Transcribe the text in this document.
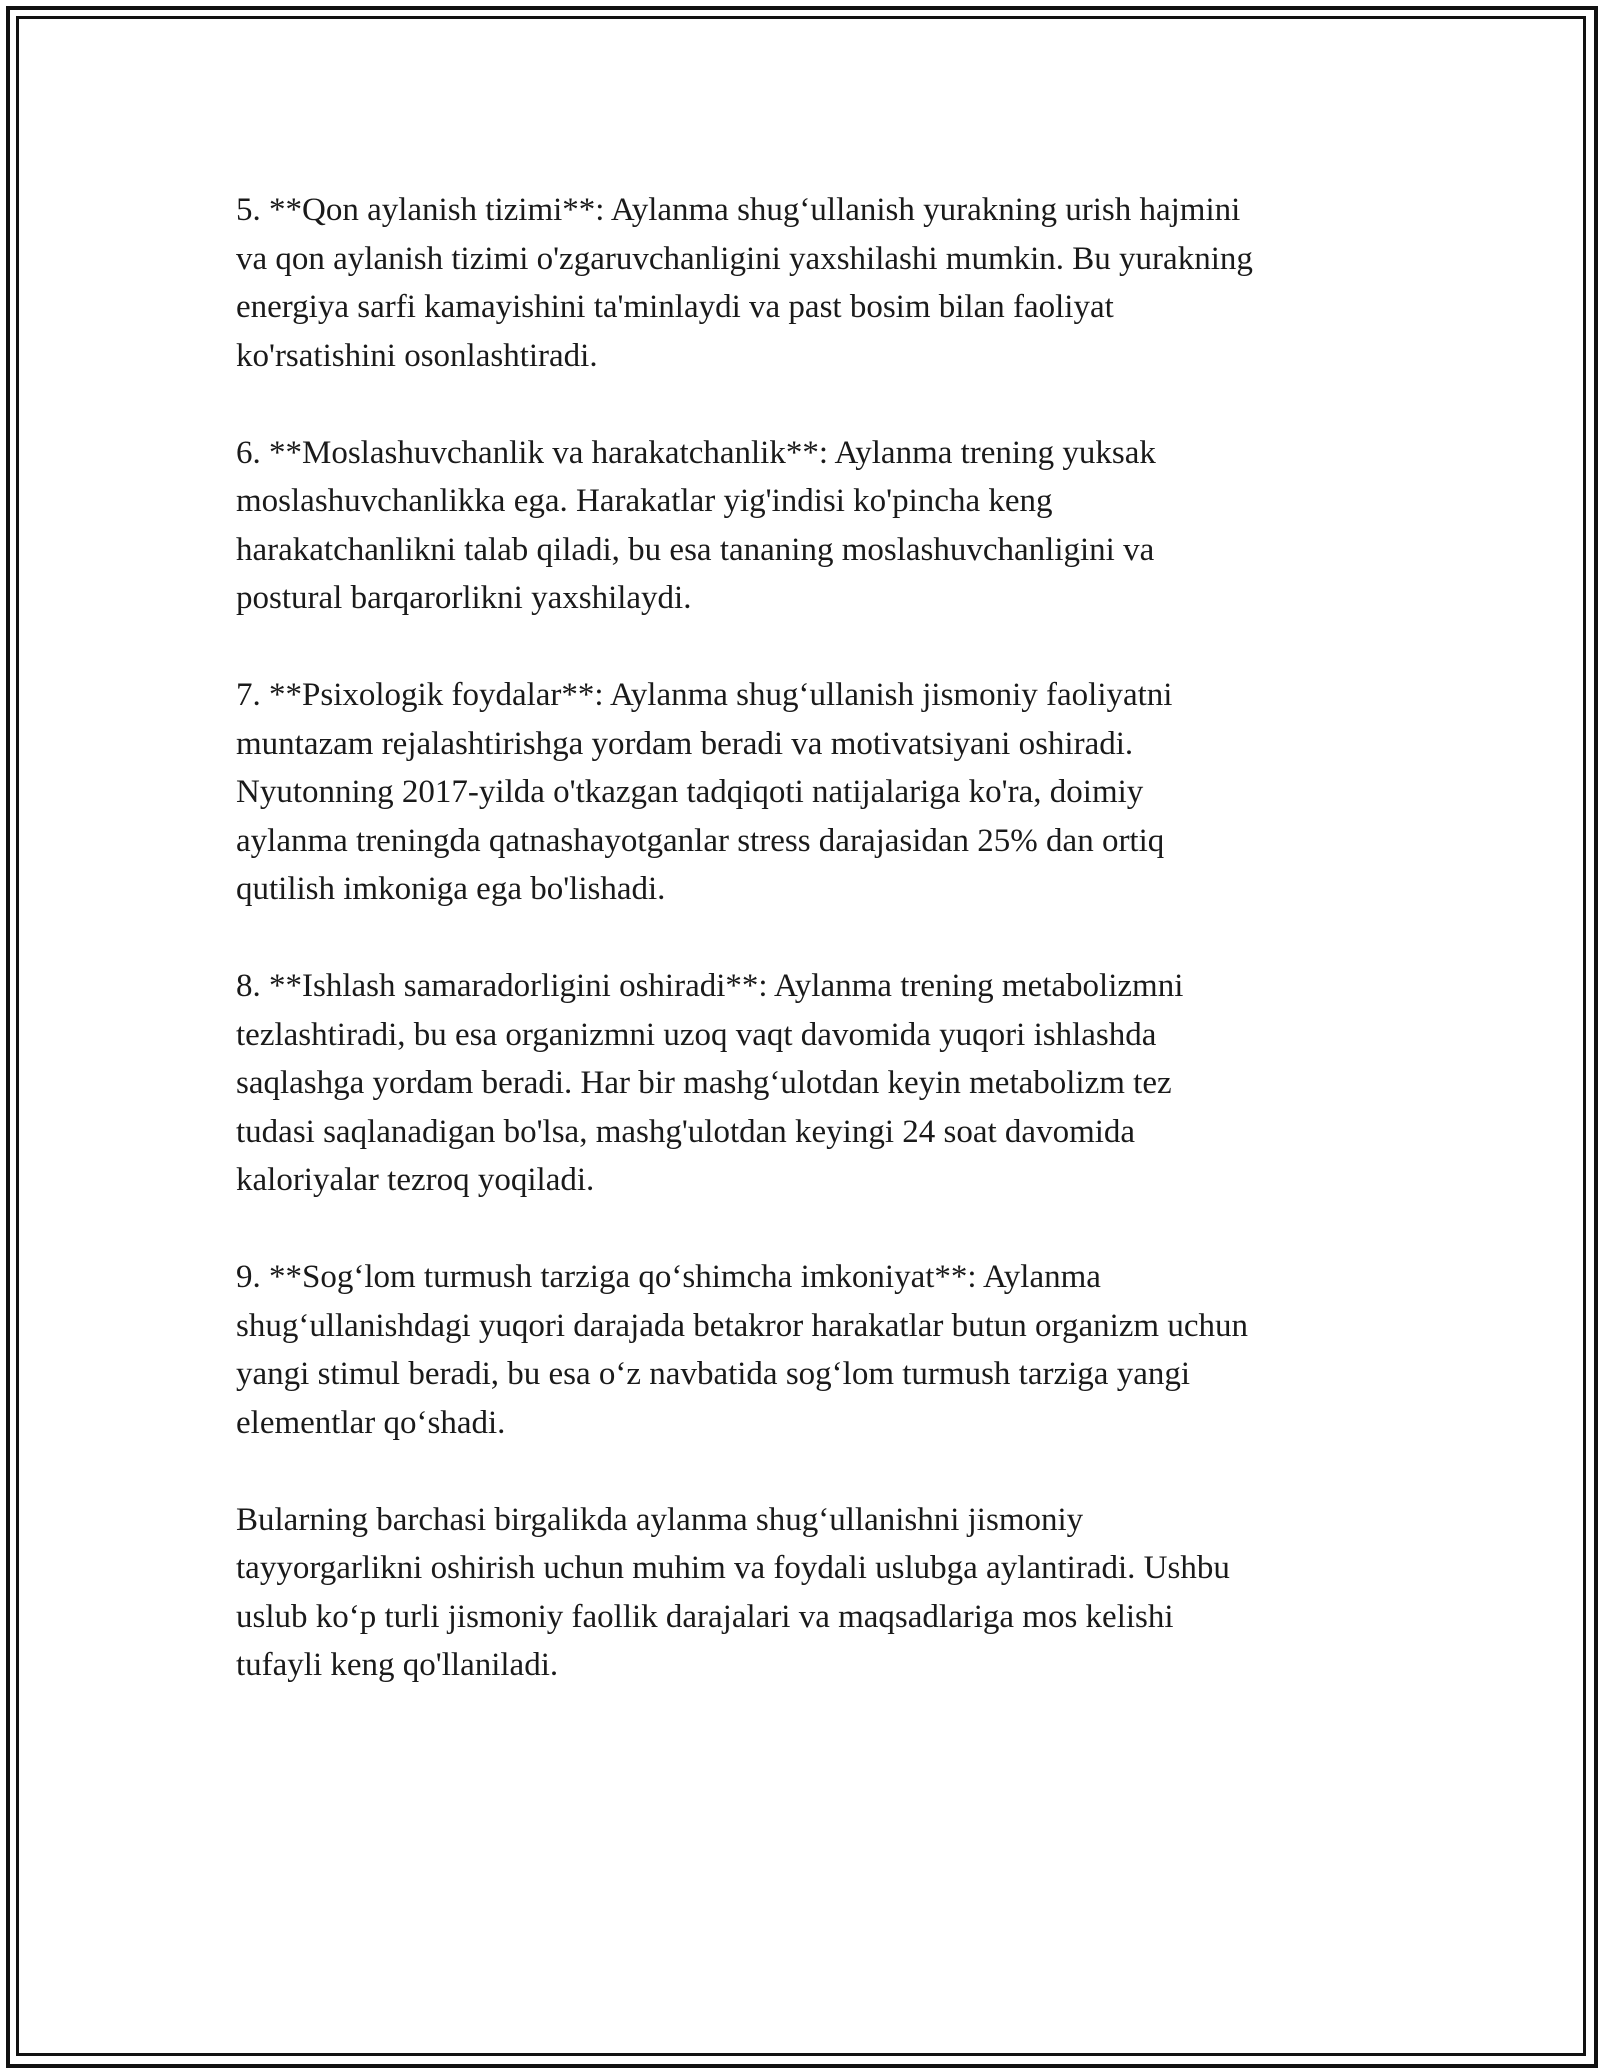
5. **Qon aylanish tizimi**: Aylanma shug‘ullanish yurakning urish hajmini
va qon aylanish tizimi o'zgaruvchanligini yaxshilashi mumkin. Bu yurakning
energiya sarfi kamayishini ta'minlaydi va past bosim bilan faoliyat
ko'rsatishini osonlashtiradi.

6. **Moslashuvchanlik va harakatchanlik**: Aylanma trening yuksak
moslashuvchanlikka ega. Harakatlar yig'indisi ko'pincha keng
harakatchanlikni talab qiladi, bu esa tananing moslashuvchanligini va
postural barqarorlikni yaxshilaydi.

7. **Psixologik foydalar**: Aylanma shug‘ullanish jismoniy faoliyatni
muntazam rejalashtirishga yordam beradi va motivatsiyani oshiradi.
Nyutonning 2017-yilda o'tkazgan tadqiqoti natijalariga ko'ra, doimiy
aylanma treningda qatnashayotganlar stress darajasidan 25% dan ortiq
qutilish imkoniga ega bo'lishadi.

8. **Ishlash samaradorligini oshiradi**: Aylanma trening metabolizmni
tezlashtiradi, bu esa organizmni uzoq vaqt davomida yuqori ishlashda
saqlashga yordam beradi. Har bir mashg‘ulotdan keyin metabolizm tez
tudasi saqlanadigan bo'lsa, mashg'ulotdan keyingi 24 soat davomida
kaloriyalar tezroq yoqiladi.

9. **Sog‘lom turmush tarziga qo‘shimcha imkoniyat**: Aylanma
shug‘ullanishdagi yuqori darajada betakror harakatlar butun organizm uchun
yangi stimul beradi, bu esa o‘z navbatida sog‘lom turmush tarziga yangi
elementlar qo‘shadi.

Bularning barchasi birgalikda aylanma shug‘ullanishni jismoniy
tayyorgarlikni oshirish uchun muhim va foydali uslubga aylantiradi. Ushbu
uslub ko‘p turli jismoniy faollik darajalari va maqsadlariga mos kelishi
tufayli keng qo'llaniladi.
